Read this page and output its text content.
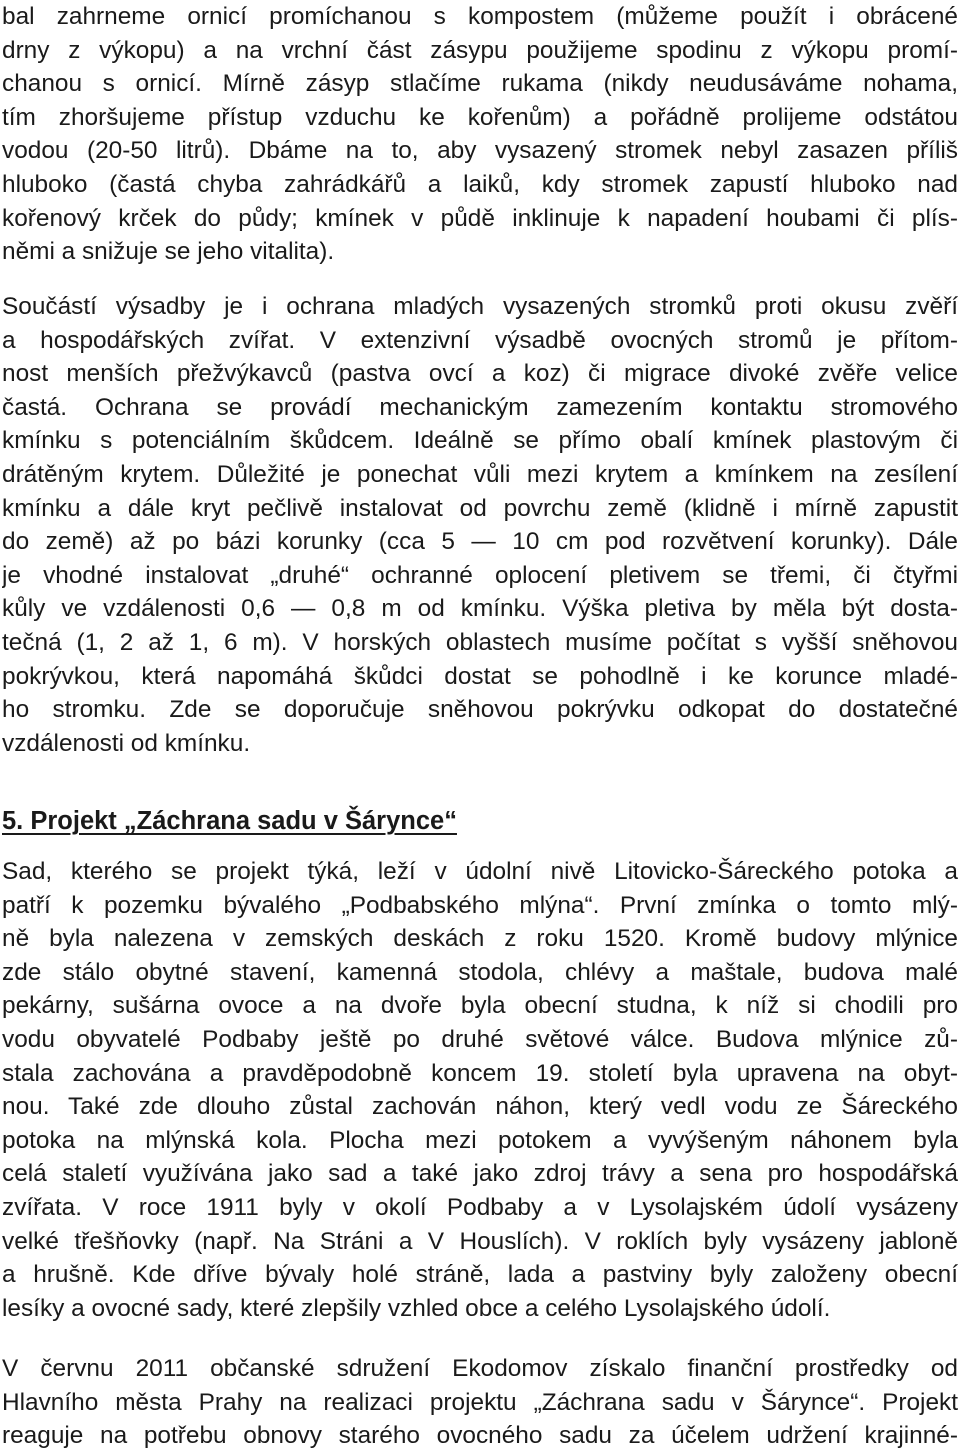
bal zahrneme ornicí promíchanou s kompostem (můžeme použít i obrácené
drny z výkopu) a na vrchní část zásypu použijeme spodinu z výkopu promí-
chanou s ornicí. Mírně zásyp stlačíme rukama (nikdy neudusáváme nohama,
tím zhoršujeme přístup vzduchu ke kořenům) a pořádně prolijeme odstátou
vodou (20-50 litrů). Dbáme na to, aby vysazený stromek nebyl zasazen příliš
hluboko (častá chyba zahrádkářů a laiků, kdy stromek zapustí hluboko nad
kořenový krček do půdy; kmínek v půdě inklinuje k napadení houbami či plís-
němi a snižuje se jeho vitalita).
Součástí výsadby je i ochrana mladých vysazených stromků proti okusu zvěří
a hospodářských zvířat. V extenzivní výsadbě ovocných stromů je přítom-
nost menších přežvýkavců (pastva ovcí a koz) či migrace divoké zvěře velice
častá. Ochrana se provádí mechanickým zamezením kontaktu stromového
kmínku s potenciálním škůdcem. Ideálně se přímo obalí kmínek plastovým či
drátěným krytem. Důležité je ponechat vůli mezi krytem a kmínkem na zesílení
kmínku a dále kryt pečlivě instalovat od povrchu země (klidně i mírně zapustit
do země) až po bázi korunky (cca 5 — 10 cm pod rozvětvení korunky). Dále
je vhodné instalovat „druhé“ ochranné oplocení pletivem se třemi, či čtyřmi
kůly ve vzdálenosti 0,6 — 0,8 m od kmínku. Výška pletiva by měla být dosta-
tečná (1, 2 až 1, 6 m). V horských oblastech musíme počítat s vyšší sněhovou
pokrývkou, která napomáhá škůdci dostat se pohodlně i ke korunce mladé-
ho stromku. Zde se doporučuje sněhovou pokrývku odkopat do dostatečné
vzdálenosti od kmínku.
5. Projekt „Záchrana sadu v Šárynce“
Sad, kterého se projekt týká, leží v údolní nivě Litovicko-Šáreckého potoka a
patří k pozemku bývalého „Podbabského mlýna“. První zmínka o tomto mlý-
ně byla nalezena v zemských deskách z roku 1520. Kromě budovy mlýnice
zde stálo obytné stavení, kamenná stodola, chlévy a maštale, budova malé
pekárny, sušárna ovoce a na dvoře byla obecní studna, k níž si chodili pro
vodu obyvatelé Podbaby ještě po druhé světové válce. Budova mlýnice zů-
stala zachována a pravděpodobně koncem 19. století byla upravena na obyt-
nou. Také zde dlouho zůstal zachován náhon, který vedl vodu ze Šáreckého
potoka na mlýnská kola. Plocha mezi potokem a vyvýšeným náhonem byla
celá staletí využívána jako sad a také jako zdroj trávy a sena pro hospodářská
zvířata. V roce 1911 byly v okolí Podbaby a v Lysolajském údolí vysázeny
velké třešňovky (např. Na Stráni a V Houslích). V roklích byly vysázeny jabloně
a hrušně. Kde dříve bývaly holé stráně, lada a pastviny byly založeny obecní
lesíky a ovocné sady, které zlepšily vzhled obce a celého Lysolajského údolí.
V červnu 2011 občanské sdružení Ekodomov získalo finanční prostředky od
Hlavního města Prahy na realizaci projektu „Záchrana sadu v Šárynce“. Projekt
reaguje na potřebu obnovy starého ovocného sadu za účelem udržení krajinné-
